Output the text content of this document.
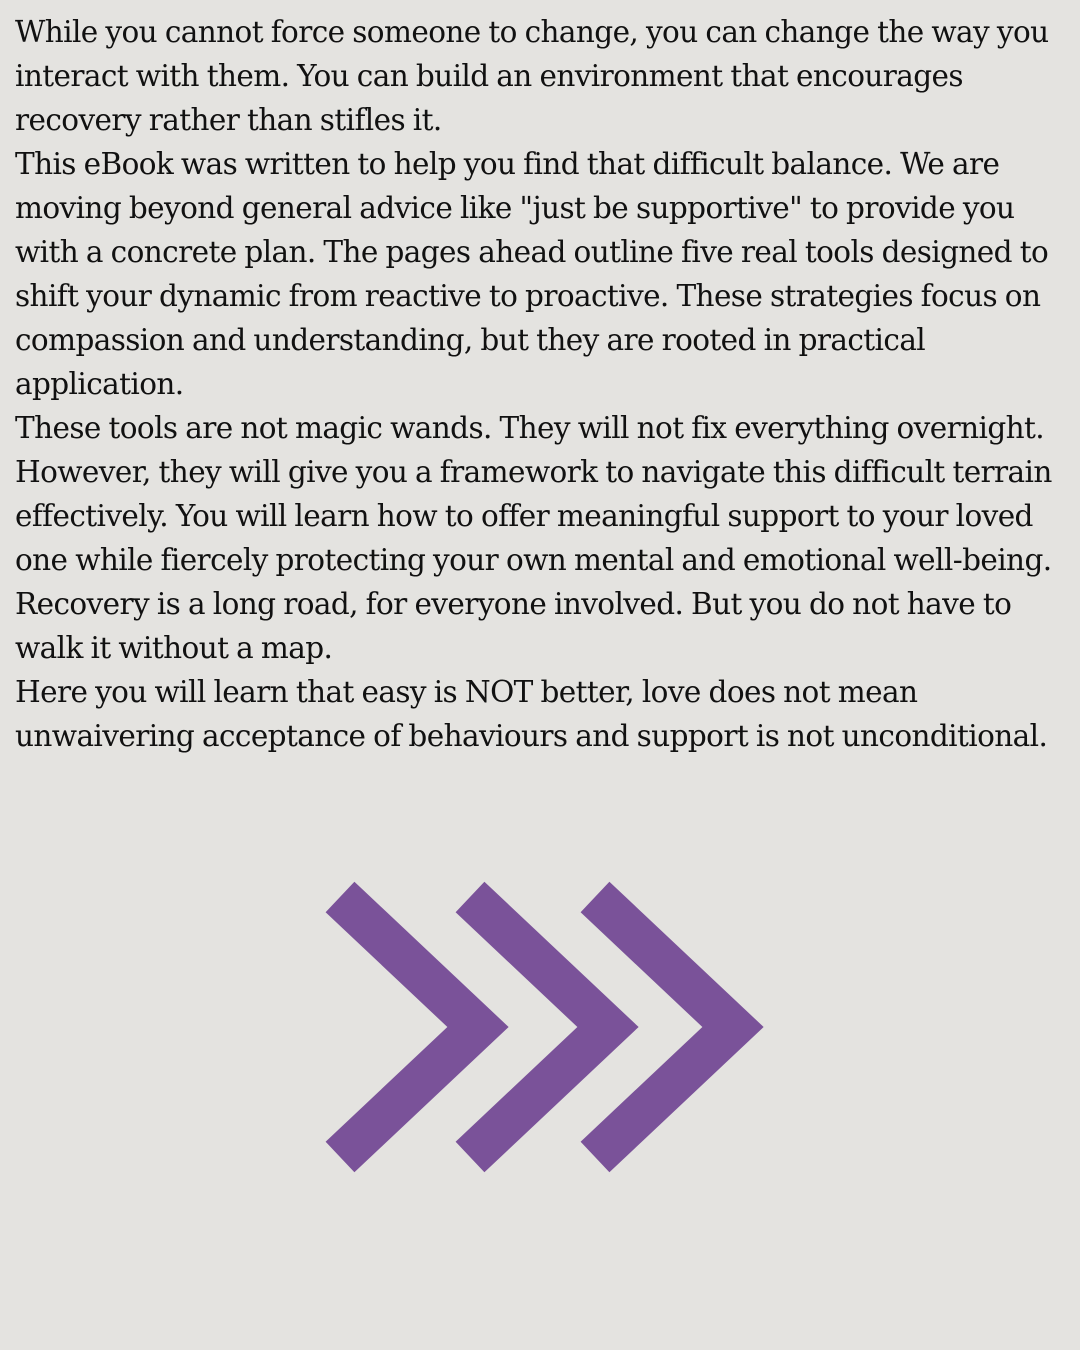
While you cannot force someone to change, you can change the way you interact with them. You can build an environment that encourages recovery rather than stifles it.

This eBook was written to help you find that difficult balance. We are moving beyond general advice like "just be supportive" to provide you with a concrete plan. The pages ahead outline five real tools designed to shift your dynamic from reactive to proactive. These strategies focus on compassion and understanding, but they are rooted in practical application.

These tools are not magic wands. They will not fix everything overnight. However, they will give you a framework to navigate this difficult terrain effectively. You will learn how to offer meaningful support to your loved one while fiercely protecting your own mental and emotional well-being.

Recovery is a long road, for everyone involved. But you do not have to walk it without a map.

Here you will learn that easy is NOT better, love does not mean unwaivering acceptance of behaviours and support is not unconditional.
